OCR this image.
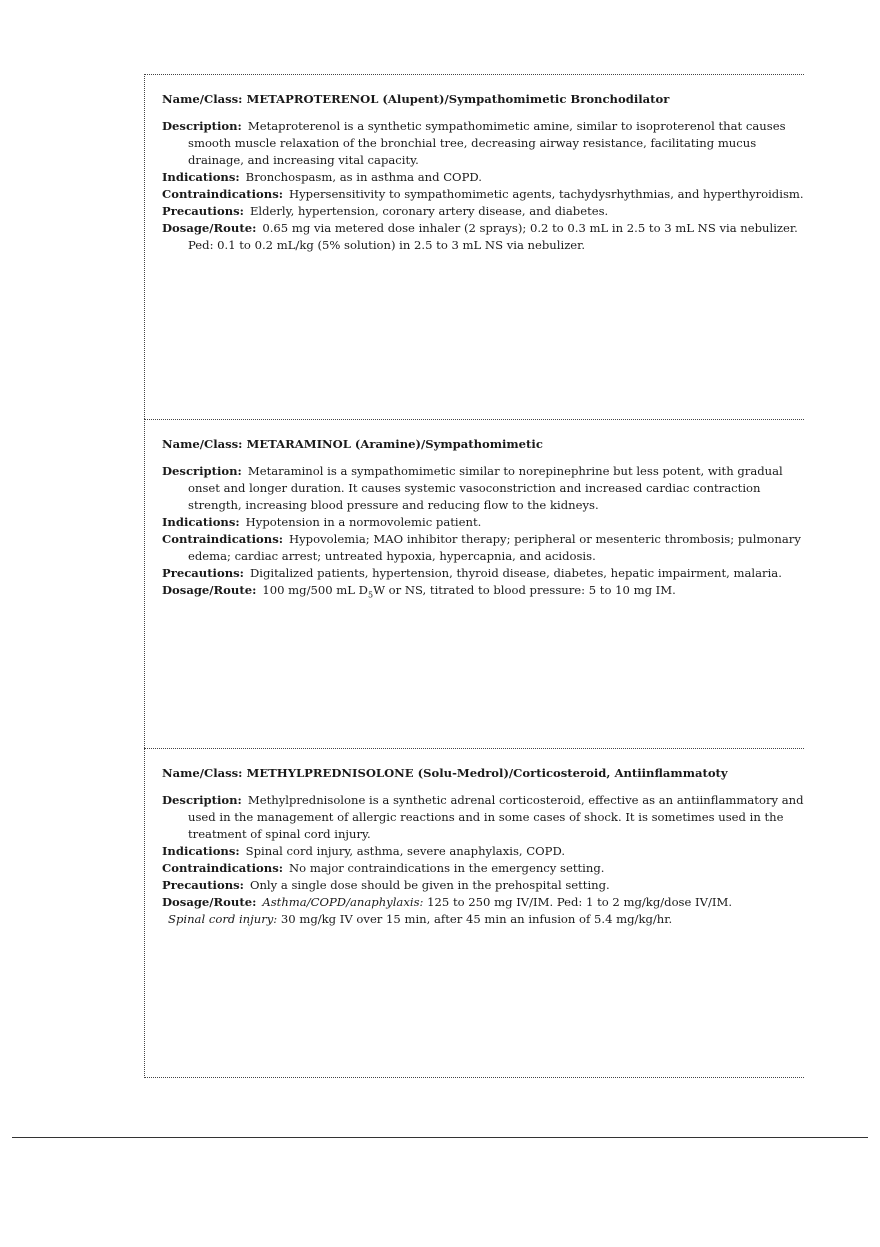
Name/Class: METAPROTERENOL (Alupent)/Sympathomimetic Bronchodilator
Description: Metaproterenol is a synthetic sympathomimetic amine, similar to isoproterenol that causes smooth muscle relaxation of the bronchial tree, decreasing airway resistance, facilitating mucus drainage, and increasing vital capacity.
Indications: Bronchospasm, as in asthma and COPD.
Contraindications: Hypersensitivity to sympathomimetic agents, tachydysrhythmias, and hyperthyroidism.
Precautions: Elderly, hypertension, coronary artery disease, and diabetes.
Dosage/Route: 0.65 mg via metered dose inhaler (2 sprays); 0.2 to 0.3 mL in 2.5 to 3 mL NS via nebulizer. Ped: 0.1 to 0.2 mL/kg (5% solution) in 2.5 to 3 mL NS via nebulizer.
Name/Class: METARAMINOL (Aramine)/Sympathomimetic
Description: Metaraminol is a sympathomimetic similar to norepinephrine but less potent, with gradual onset and longer duration. It causes systemic vasoconstriction and increased cardiac contraction strength, increasing blood pressure and reducing flow to the kidneys.
Indications: Hypotension in a normovolemic patient.
Contraindications: Hypovolemia; MAO inhibitor therapy; peripheral or mesenteric thrombosis; pulmonary edema; cardiac arrest; untreated hypoxia, hypercapnia, and acidosis.
Precautions: Digitalized patients, hypertension, thyroid disease, diabetes, hepatic impairment, malaria.
Dosage/Route: 100 mg/500 mL $D_5W$ or NS, titrated to blood pressure: 5 to 10 mg IM.
Name/Class: METHYLPREDNISOLONE (Solu-Medrol)/Corticosteroid, Antiinflammatoty
Description: Methylprednisolone is a synthetic adrenal corticosteroid, effective as an antiinflammatory and used in the management of allergic reactions and in some cases of shock. It is sometimes used in the treatment of spinal cord injury.
Indications: Spinal cord injury, asthma, severe anaphylaxis, COPD.
Contraindications: No major contraindications in the emergency setting.
Precautions: Only a single dose should be given in the prehospital setting.
Dosage/Route: Asthma/COPD/anaphylaxis: 125 to 250 mg IV/IM. Ped: 1 to 2 mg/kg/dose IV/IM.
Spinal cord injury: 30 mg/kg IV over 15 min, after 45 min an infusion of 5.4 mg/kg/hr.
